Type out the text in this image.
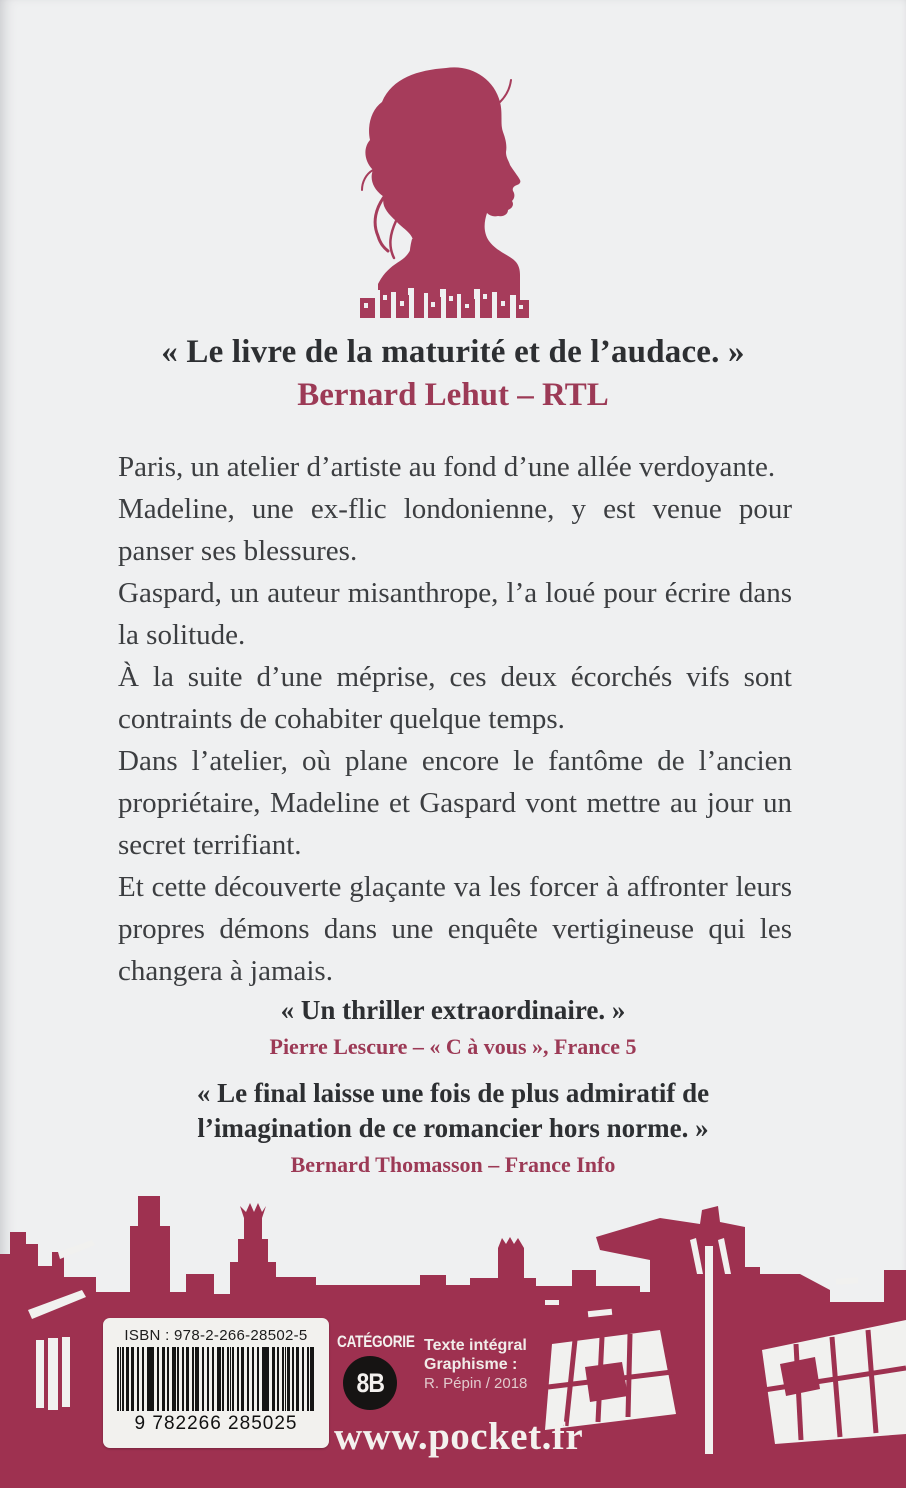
« Le livre de la maturité et de l’audace. »
Bernard Lehut – RTL

Paris, un atelier d’artiste au fond d’une allée verdoyante.

Madeline, une ex-flic londonienne, y est venue pour panser ses blessures.

Gaspard, un auteur misanthrope, l’a loué pour écrire dans la solitude.

À la suite d’une méprise, ces deux écorchés vifs sont contraints de cohabiter quelque temps.

Dans l’atelier, où plane encore le fantôme de l’ancien propriétaire, Madeline et Gaspard vont mettre au jour un secret terrifiant.

Et cette découverte glaçante va les forcer à affronter leurs propres démons dans une enquête vertigineuse qui les changera à jamais.

« Un thriller extraordinaire. »
Pierre Lescure – « C à vous », France 5
« Le final laisse une fois de plus admiratif de l’imagination de ce romancier hors norme. »
Bernard Thomasson – France Info
ISBN : 978-2-266-28502-5
9 782266 285025
CATÉGORIE
8B
Texte intégral
Graphisme :
R. Pépin / 2018
www.pocket.fr
